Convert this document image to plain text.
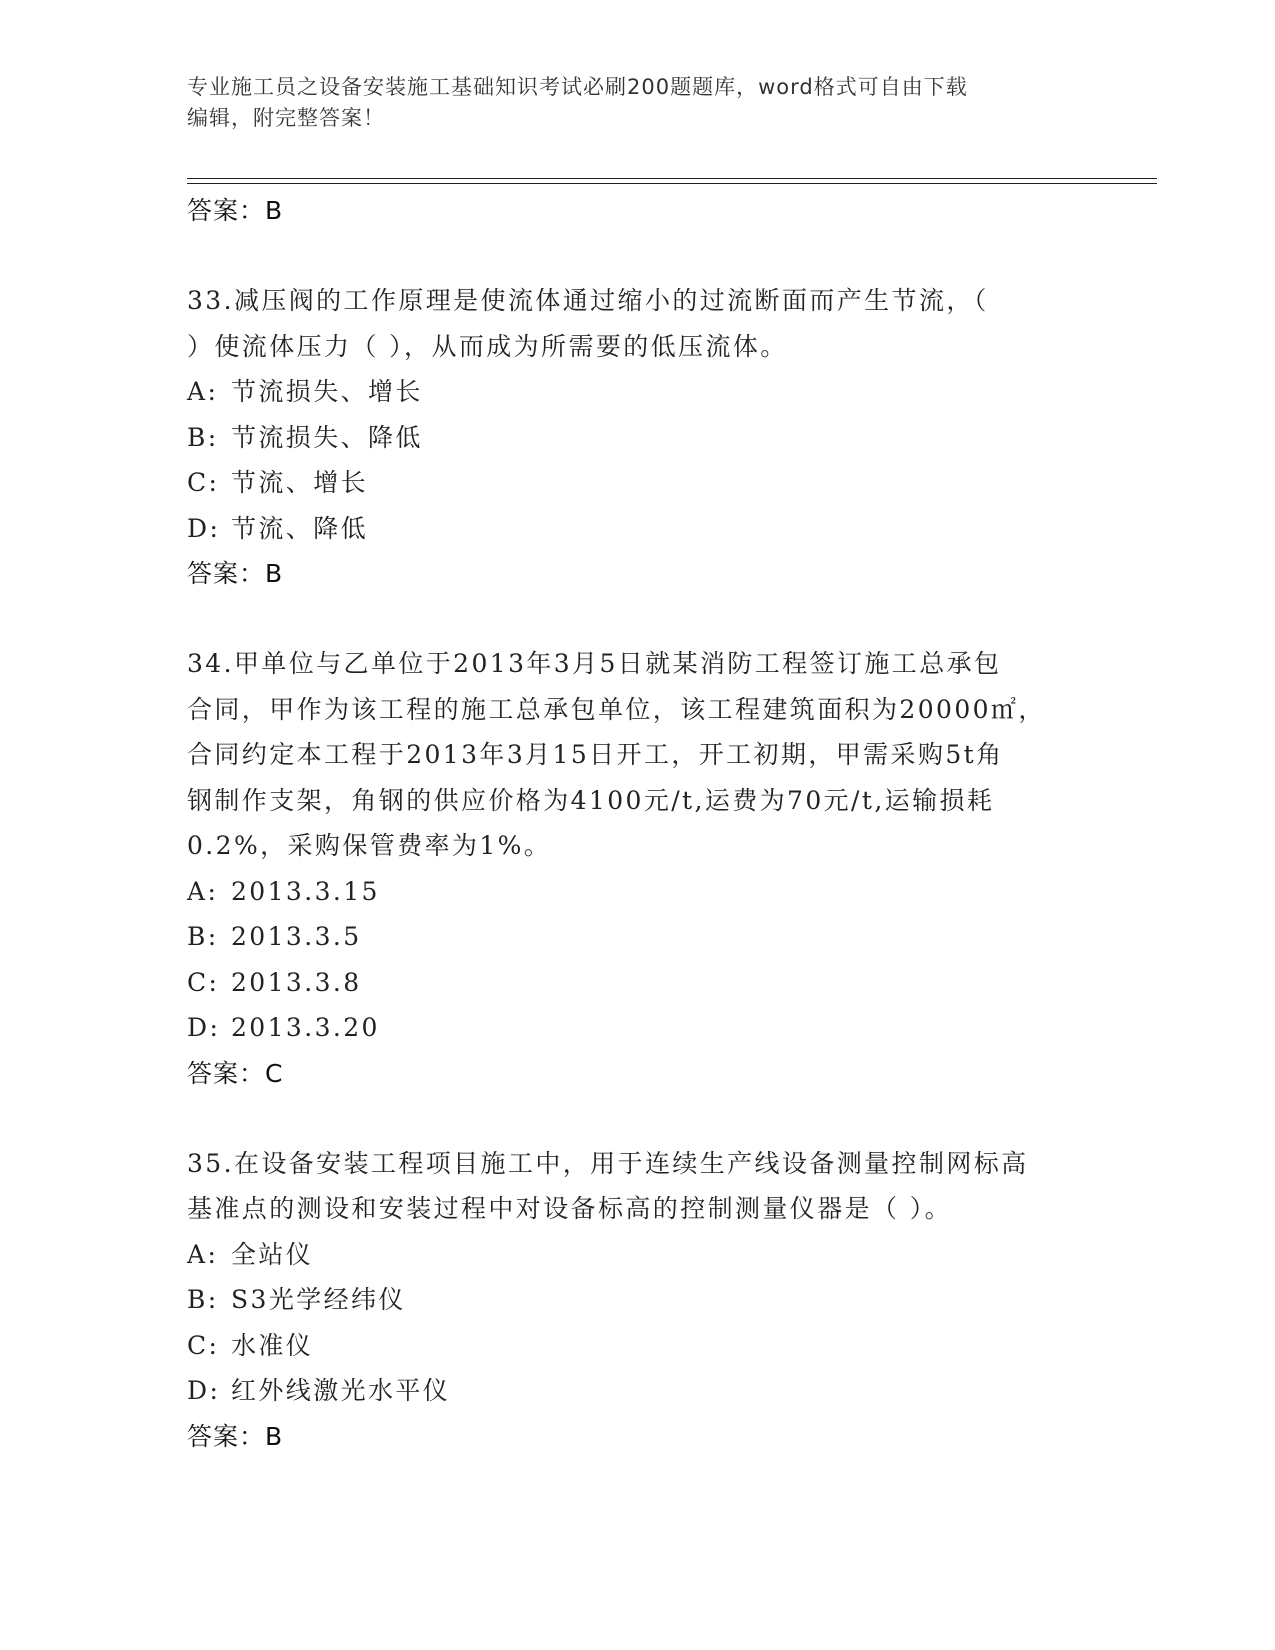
专业施工员之设备安装施工基础知识考试必刷200题题库，word格式可自由下载
编辑，附完整答案！
答案：B
33.减压阀的工作原理是使流体通过缩小的过流断面而产生节流，（
）使流体压力（ ），从而成为所需要的低压流体。
A: 节流损失、增长
B: 节流损失、降低
C: 节流、增长
D: 节流、降低
答案：B
34.甲单位与乙单位于2013年3月5日就某消防工程签订施工总承包
合同，甲作为该工程的施工总承包单位，该工程建筑面积为20000㎡，
合同约定本工程于2013年3月15日开工，开工初期，甲需采购5t角
钢制作支架，角钢的供应价格为4100元/t,运费为70元/t,运输损耗
0.2%，采购保管费率为1%。
A: 2013.3.15
B: 2013.3.5
C: 2013.3.8
D: 2013.3.20
答案：C
35.在设备安装工程项目施工中，用于连续生产线设备测量控制网标高
基准点的测设和安装过程中对设备标高的控制测量仪器是（ ）。
A: 全站仪
B: S3光学经纬仪
C: 水准仪
D: 红外线激光水平仪
答案：B
